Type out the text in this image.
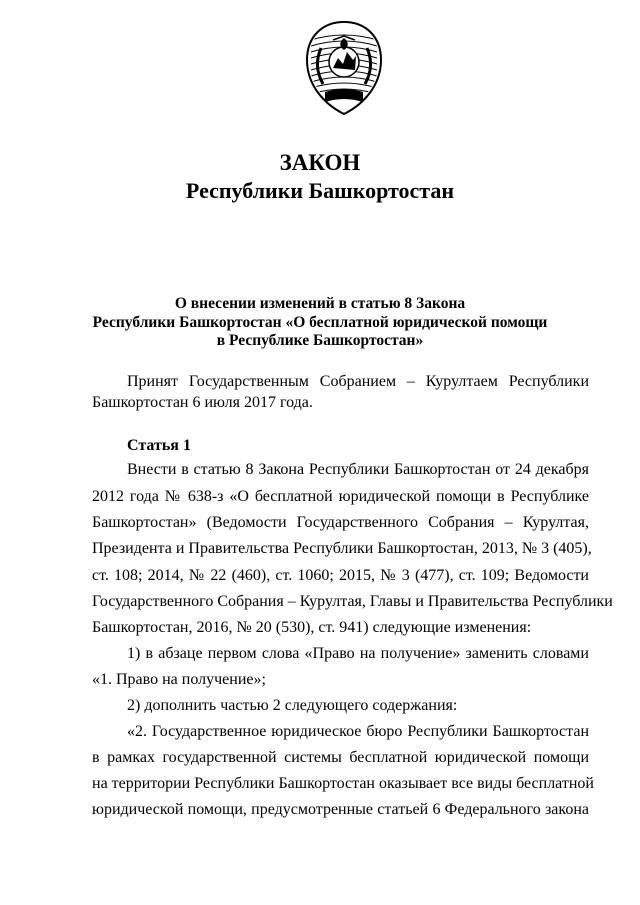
ЗАКОН
Республики Башкортостан
О внесении изменений в статью 8 Закона
Республики Башкортостан «О бесплатной юридической помощи
в Республике Башкортостан»
Принят Государственным Собранием – Курултаем Республики
Башкортостан 6 июля 2017 года.
Статья 1
Внести в статью 8 Закона Республики Башкортостан от 24 декабря
2012 года № 638-з «О бесплатной юридической помощи в Республике
Башкортостан» (Ведомости Государственного Собрания – Курултая,
Президента и Правительства Республики Башкортостан, 2013, № 3 (405),
ст. 108; 2014, № 22 (460), ст. 1060; 2015, № 3 (477), ст. 109; Ведомости
Государственного Собрания – Курултая, Главы и Правительства Республики
Башкортостан, 2016, № 20 (530), ст. 941) следующие изменения:
1) в абзаце первом слова «Право на получение» заменить словами
«1. Право на получение»;
2) дополнить частью 2 следующего содержания:
«2. Государственное юридическое бюро Республики Башкортостан
в рамках государственной системы бесплатной юридической помощи
на территории Республики Башкортостан оказывает все виды бесплатной
юридической помощи, предусмотренные статьей 6 Федерального закона
